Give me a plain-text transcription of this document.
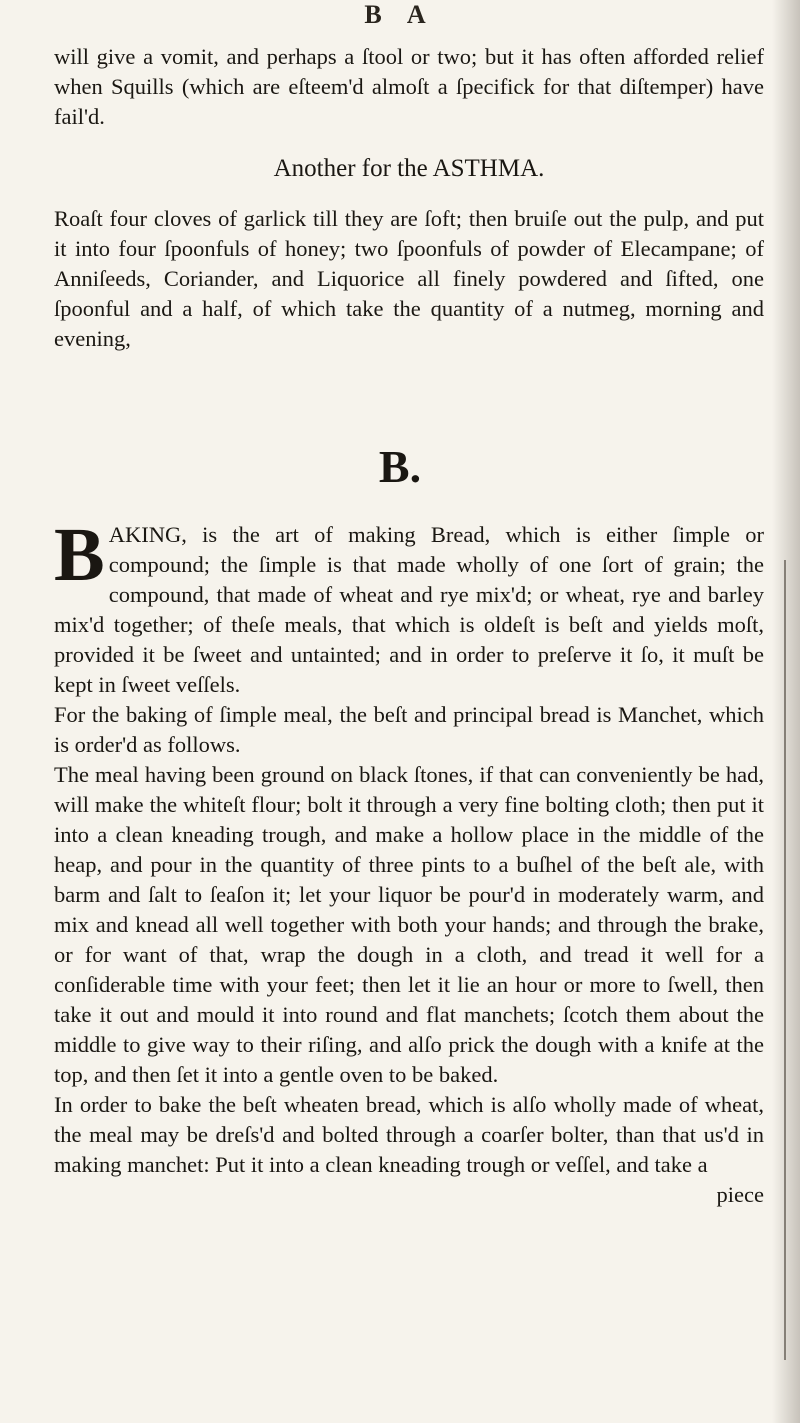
B A

will give a vomit, and perhaps a ſtool or two; but it has often afforded relief when Squills (which are eſteem'd almoſt a ſpecifick for that diſtemper) have fail'd.

Another for the ASTHMA.

Roaſt four cloves of garlick till they are ſoft; then bruiſe out the pulp, and put it into four ſpoonfuls of honey; two ſpoonfuls of powder of Elecampane; of Anniſeeds, Coriander, and Liquorice all finely powdered and ſifted, one ſpoonful and a half, of which take the quantity of a nutmeg, morning and evening,

B.

BAKING, is the art of making Bread, which is either ſimple or compound; the ſimple is that made wholly of one ſort of grain; the compound, that made of wheat and rye mix'd; or wheat, rye and barley mix'd together; of theſe meals, that which is oldeſt is beſt and yields moſt, provided it be ſweet and untainted; and in order to preſerve it ſo, it muſt be kept in ſweet veſſels.

For the baking of ſimple meal, the beſt and principal bread is Manchet, which is order'd as follows.

The meal having been ground on black ſtones, if that can conveniently be had, will make the whiteſt flour; bolt it through a very fine bolting cloth; then put it into a clean kneading trough, and make a hollow place in the middle of the heap, and pour in the quantity of three pints to a buſhel of the beſt ale, with barm and ſalt to ſeaſon it; let your liquor be pour'd in moderately warm, and mix and knead all well together with both your hands; and through the brake, or for want of that, wrap the dough in a cloth, and tread it well for a conſiderable time with your feet; then let it lie an hour or more to ſwell, then take it out and mould it into round and flat manchets; ſcotch them about the middle to give way to their riſing, and alſo prick the dough with a knife at the top, and then ſet it into a gentle oven to be baked.

In order to bake the beſt wheaten bread, which is alſo wholly made of wheat, the meal may be dreſs'd and bolted through a coarſer bolter, than that us'd in making manchet: Put it into a clean kneading trough or veſſel, and take a

piece
